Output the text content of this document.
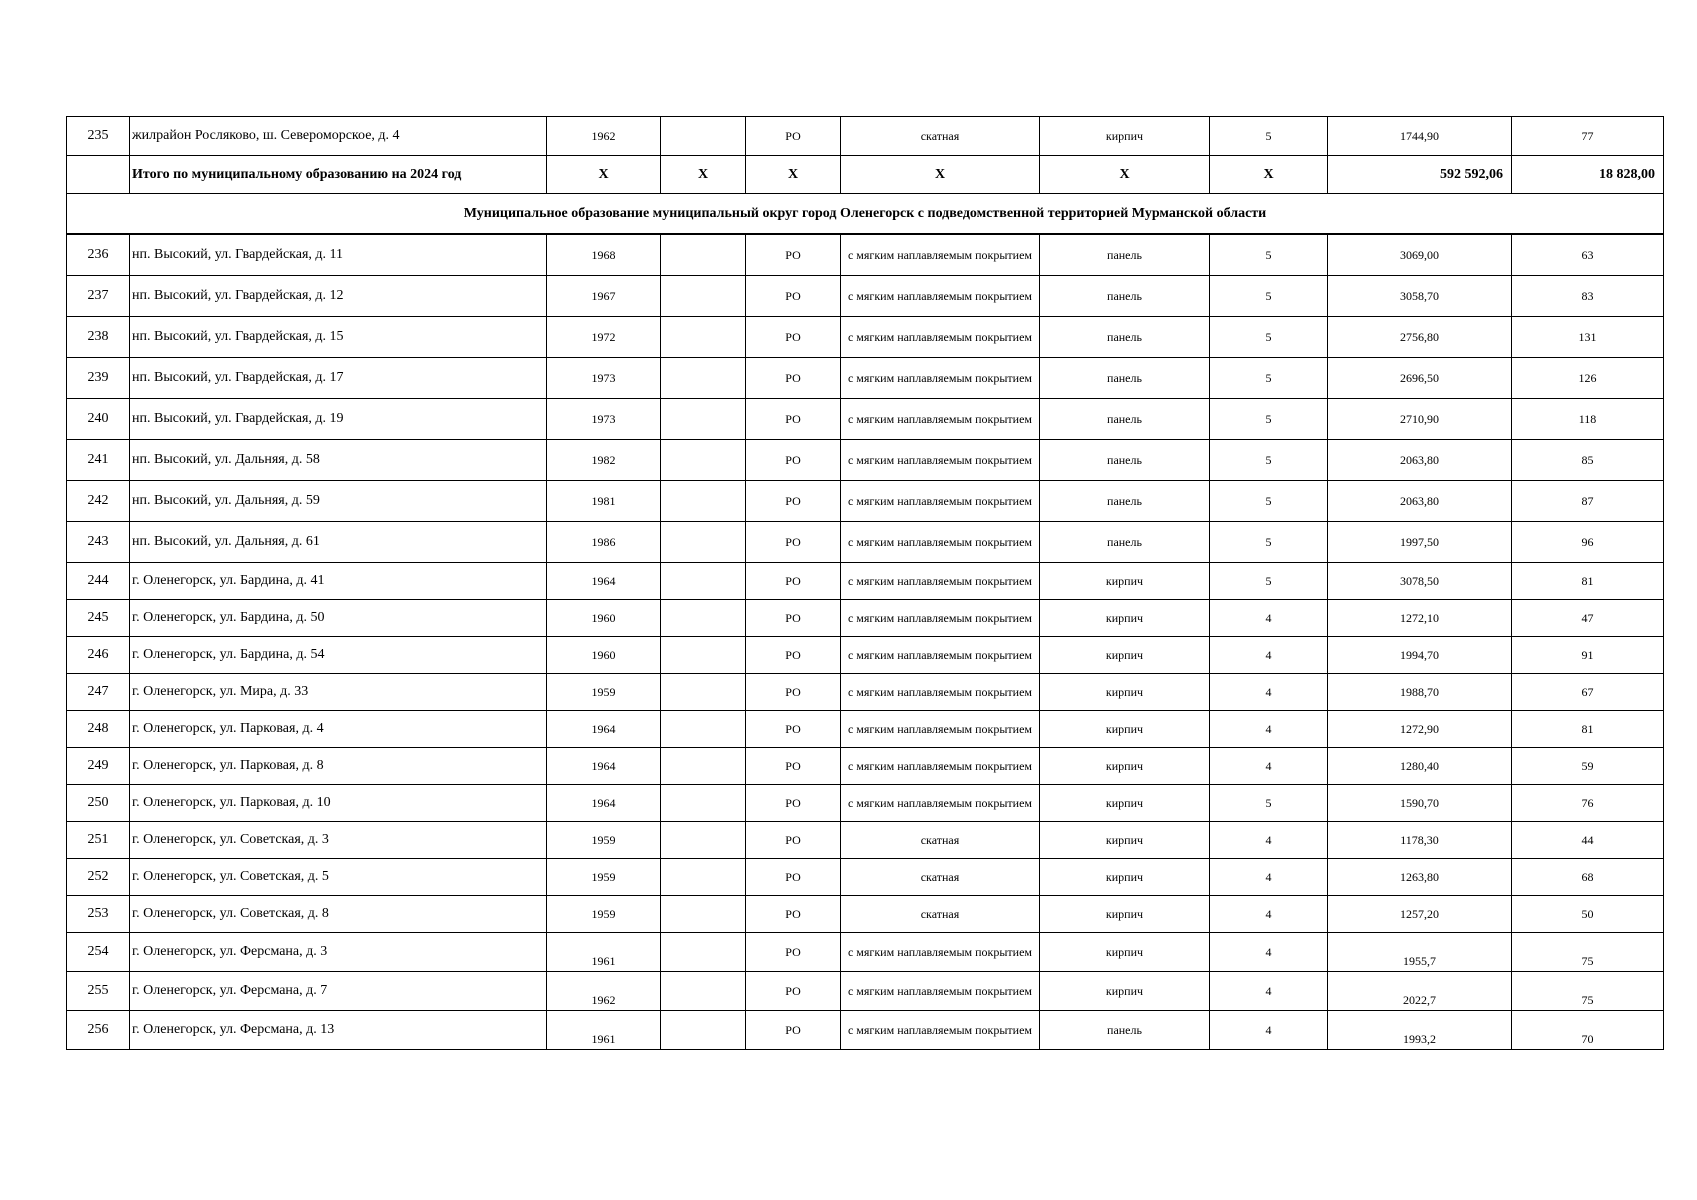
235	жилрайон Росляково, ш. Североморское, д. 4	1962		РО	скатная	кирпич	5	1744,90	77
	Итого по муниципальному образованию на 2024 год	Х	Х	Х	Х	Х	Х	592 592,06	18 828,00
Муниципальное образование муниципальный округ город Оленегорск с подведомственной территорией Мурманской области									
236	нп. Высокий, ул. Гвардейская, д. 11	1968		РО	с мягким наплавляемым покрытием	панель	5	3069,00	63
237	нп. Высокий, ул. Гвардейская, д. 12	1967		РО	с мягким наплавляемым покрытием	панель	5	3058,70	83
238	нп. Высокий, ул. Гвардейская, д. 15	1972		РО	с мягким наплавляемым покрытием	панель	5	2756,80	131
239	нп. Высокий, ул. Гвардейская, д. 17	1973		РО	с мягким наплавляемым покрытием	панель	5	2696,50	126
240	нп. Высокий, ул. Гвардейская, д. 19	1973		РО	с мягким наплавляемым покрытием	панель	5	2710,90	118
241	нп. Высокий, ул. Дальняя, д. 58	1982		РО	с мягким наплавляемым покрытием	панель	5	2063,80	85
242	нп. Высокий, ул. Дальняя, д. 59	1981		РО	с мягким наплавляемым покрытием	панель	5	2063,80	87
243	нп. Высокий, ул. Дальняя, д. 61	1986		РО	с мягким наплавляемым покрытием	панель	5	1997,50	96
244	г. Оленегорск, ул. Бардина, д. 41	1964		РО	с мягким наплавляемым покрытием	кирпич	5	3078,50	81
245	г. Оленегорск, ул. Бардина, д. 50	1960		РО	с мягким наплавляемым покрытием	кирпич	4	1272,10	47
246	г. Оленегорск, ул. Бардина, д. 54	1960		РО	с мягким наплавляемым покрытием	кирпич	4	1994,70	91
247	г. Оленегорск, ул. Мира, д. 33	1959		РО	с мягким наплавляемым покрытием	кирпич	4	1988,70	67
248	г. Оленегорск, ул. Парковая, д. 4	1964		РО	с мягким наплавляемым покрытием	кирпич	4	1272,90	81
249	г. Оленегорск, ул. Парковая, д. 8	1964		РО	с мягким наплавляемым покрытием	кирпич	4	1280,40	59
250	г. Оленегорск, ул. Парковая, д. 10	1964		РО	с мягким наплавляемым покрытием	кирпич	5	1590,70	76
251	г. Оленегорск, ул. Советская, д. 3	1959		РО	скатная	кирпич	4	1178,30	44
252	г. Оленегорск, ул. Советская, д. 5	1959		РО	скатная	кирпич	4	1263,80	68
253	г. Оленегорск, ул. Советская, д. 8	1959		РО	скатная	кирпич	4	1257,20	50
254	г. Оленегорск, ул. Ферсмана, д. 3	1961		РО	с мягким наплавляемым покрытием	кирпич	4	1955,7	75
255	г. Оленегорск, ул. Ферсмана, д. 7	1962		РО	с мягким наплавляемым покрытием	кирпич	4	2022,7	75
256	г. Оленегорск, ул. Ферсмана, д. 13	1961		РО	с мягким наплавляемым покрытием	панель	4	1993,2	70
